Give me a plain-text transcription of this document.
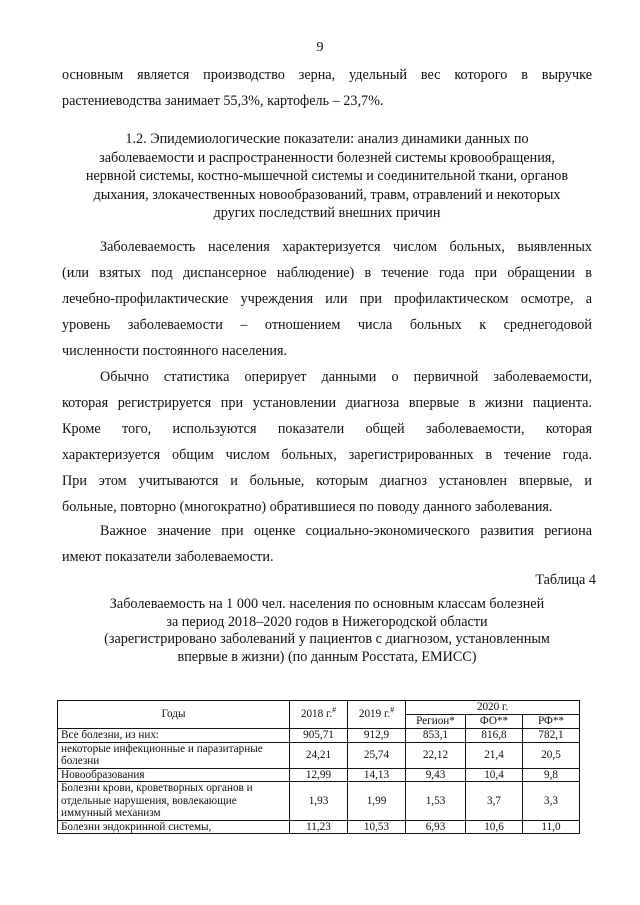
9
основным является производство зерна, удельный вес которого в выручке
растениеводства занимает 55,3%, картофель – 23,7%.
1.2. Эпидемиологические показатели: анализ динамики данных по
заболеваемости и распространенности болезней системы кровообращения,
нервной системы, костно-мышечной системы и соединительной ткани, органов
дыхания, злокачественных новообразований, травм, отравлений и некоторых
других последствий внешних причин
Заболеваемость населения характеризуется числом больных, выявленных
(или взятых под диспансерное наблюдение) в течение года при обращении в
лечебно-профилактические учреждения или при профилактическом осмотре, а
уровень заболеваемости – отношением числа больных к среднегодовой
численности постоянного населения.
Обычно статистика оперирует данными о первичной заболеваемости,
которая регистрируется при установлении диагноза впервые в жизни пациента.
Кроме того, используются показатели общей заболеваемости, которая
характеризуется общим числом больных, зарегистрированных в течение года.
При этом учитываются и больные, которым диагноз установлен впервые, и
больные, повторно (многократно) обратившиеся по поводу данного заболевания.
Важное значение при оценке социально-экономического развития региона
имеют показатели заболеваемости.
Таблица 4
Заболеваемость на 1 000 чел. населения по основным классам болезней
за период 2018–2020 годов в Нижегородской области
(зарегистрировано заболеваний у пациентов с диагнозом, установленным
впервые в жизни) (по данным Росстата, ЕМИСС)
Годы	2018 г.#	2019 г.#	2020 г.		
			Регион*	ФО**	РФ**
Все болезни, из них:	905,71	912,9	853,1	816,8	782,1
некоторые инфекционные и паразитарные болезни	24,21	25,74	22,12	21,4	20,5
Новообразования	12,99	14,13	9,43	10,4	9,8
Болезни крови, кроветворных органов и отдельные нарушения, вовлекающие иммунный механизм	1,93	1,99	1,53	3,7	3,3
Болезни эндокринной системы,	11,23	10,53	6,93	10,6	11,0
